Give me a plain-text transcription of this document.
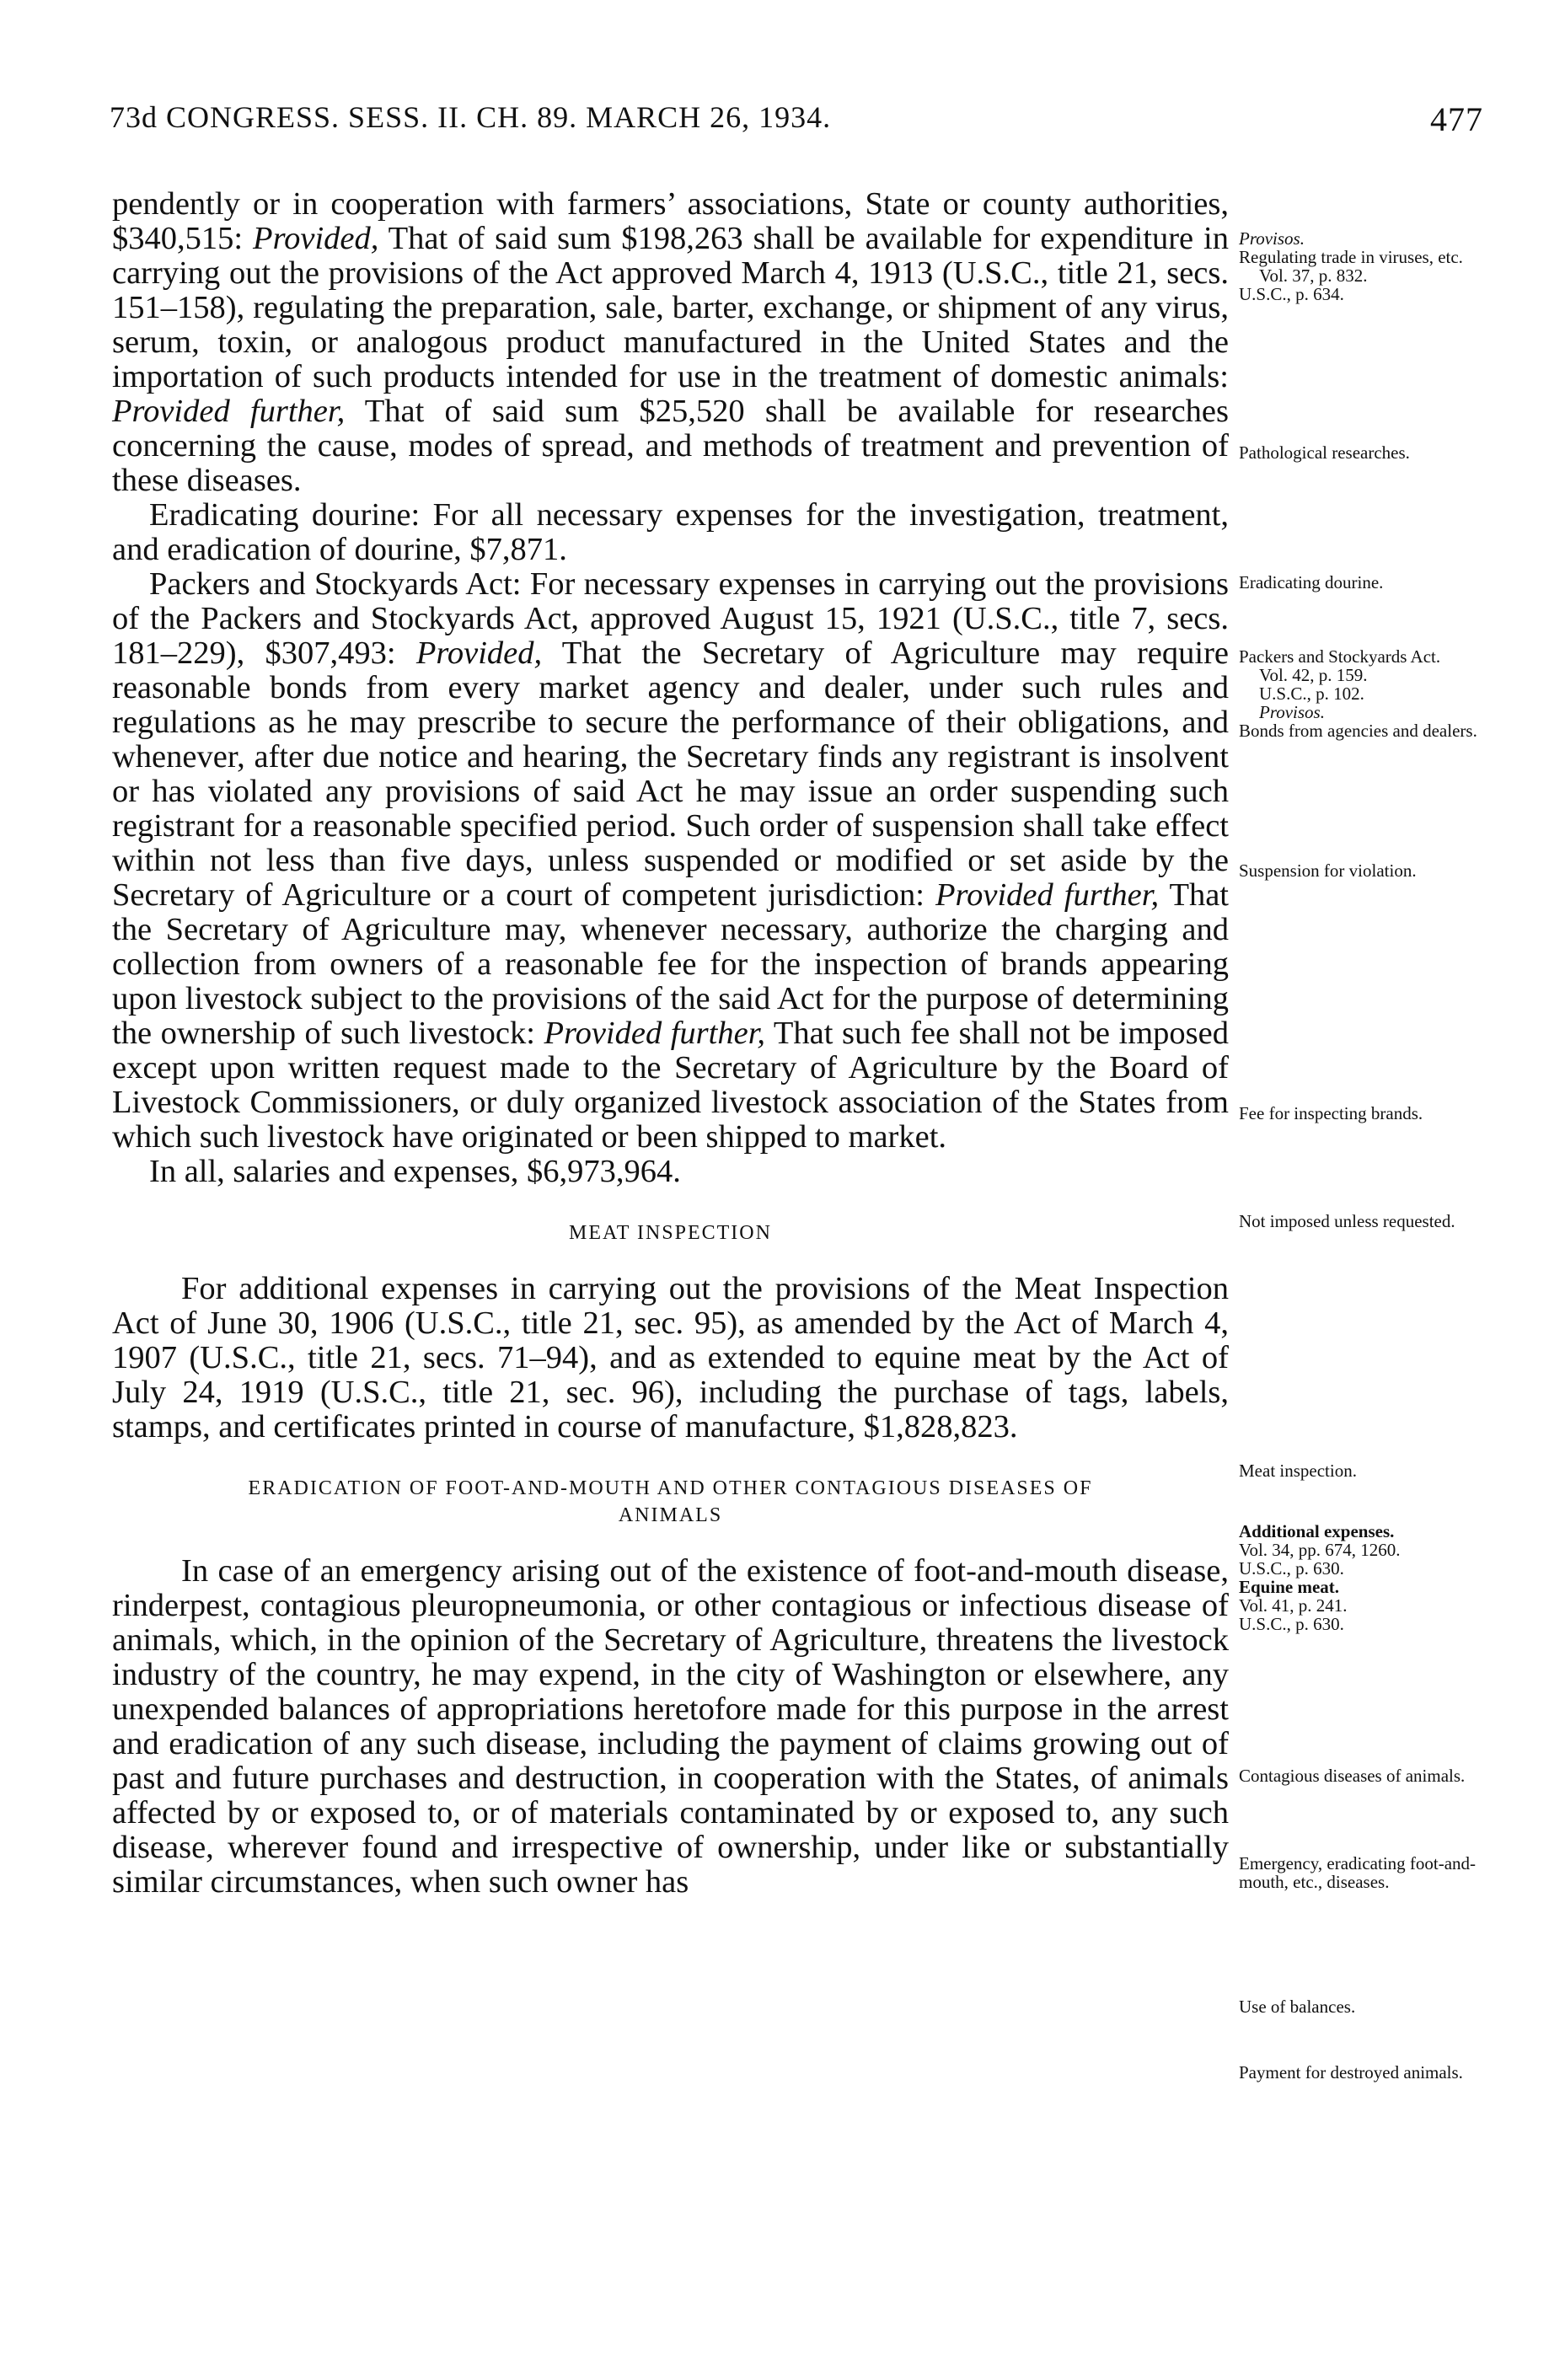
73d CONGRESS. SESS. II. CH. 89. MARCH 26, 1934.	477

pendently or in cooperation with farmers’ associations, State or county authorities, $340,515: Provided, That of said sum $198,263 shall be available for expenditure in carrying out the provisions of the Act approved March 4, 1913 (U.S.C., title 21, secs. 151–158), regulating the preparation, sale, barter, exchange, or shipment of any virus, serum, toxin, or analogous product manufactured in the United States and the importation of such products intended for use in the treatment of domestic animals: Provided further, That of said sum $25,520 shall be available for researches concerning the cause, modes of spread, and methods of treatment and prevention of these diseases.

Eradicating dourine: For all necessary expenses for the investigation, treatment, and eradication of dourine, $7,871.

Packers and Stockyards Act: For necessary expenses in carrying out the provisions of the Packers and Stockyards Act, approved August 15, 1921 (U.S.C., title 7, secs. 181–229), $307,493: Provided, That the Secretary of Agriculture may require reasonable bonds from every market agency and dealer, under such rules and regulations as he may prescribe to secure the performance of their obligations, and whenever, after due notice and hearing, the Secretary finds any registrant is insolvent or has violated any provisions of said Act he may issue an order suspending such registrant for a reasonable specified period. Such order of suspension shall take effect within not less than five days, unless suspended or modified or set aside by the Secretary of Agriculture or a court of competent jurisdiction: Provided further, That the Secretary of Agriculture may, whenever necessary, authorize the charging and collection from owners of a reasonable fee for the inspection of brands appearing upon livestock subject to the provisions of the said Act for the purpose of determining the ownership of such livestock: Provided further, That such fee shall not be imposed except upon written request made to the Secretary of Agriculture by the Board of Livestock Commissioners, or duly organized livestock association of the States from which such livestock have originated or been shipped to market.

In all, salaries and expenses, $6,973,964.

MEAT INSPECTION

For additional expenses in carrying out the provisions of the Meat Inspection Act of June 30, 1906 (U.S.C., title 21, sec. 95), as amended by the Act of March 4, 1907 (U.S.C., title 21, secs. 71–94), and as extended to equine meat by the Act of July 24, 1919 (U.S.C., title 21, sec. 96), including the purchase of tags, labels, stamps, and certificates printed in course of manufacture, $1,828,823.

ERADICATION OF FOOT-AND-MOUTH AND OTHER CONTAGIOUS DISEASES OF
ANIMALS

In case of an emergency arising out of the existence of foot-and-mouth disease, rinderpest, contagious pleuropneumonia, or other contagious or infectious disease of animals, which, in the opinion of the Secretary of Agriculture, threatens the livestock industry of the country, he may expend, in the city of Washington or elsewhere, any unexpended balances of appropriations heretofore made for this purpose in the arrest and eradication of any such disease, including the payment of claims growing out of past and future purchases and destruction, in cooperation with the States, of animals affected by or exposed to, or of materials contaminated by or exposed to, any such disease, wherever found and irrespective of ownership, under like or substantially similar circumstances, when such owner has

Provisos.
Regulating trade in viruses, etc.
Vol. 37, p. 832.
U.S.C., p. 634.
Pathological researches.
Eradicating dourine.
Packers and Stockyards Act.
Vol. 42, p. 159.
U.S.C., p. 102.
Provisos.
Bonds from agencies and dealers.
Suspension for violation.
Fee for inspecting brands.
Not imposed unless requested.
Meat inspection.
Additional expenses.
Vol. 34, pp. 674, 1260.
U.S.C., p. 630.
Equine meat.
Vol. 41, p. 241.
U.S.C., p. 630.
Contagious diseases of animals.
Emergency, eradicating foot-and-mouth, etc., diseases.
Use of balances.
Payment for destroyed animals.
